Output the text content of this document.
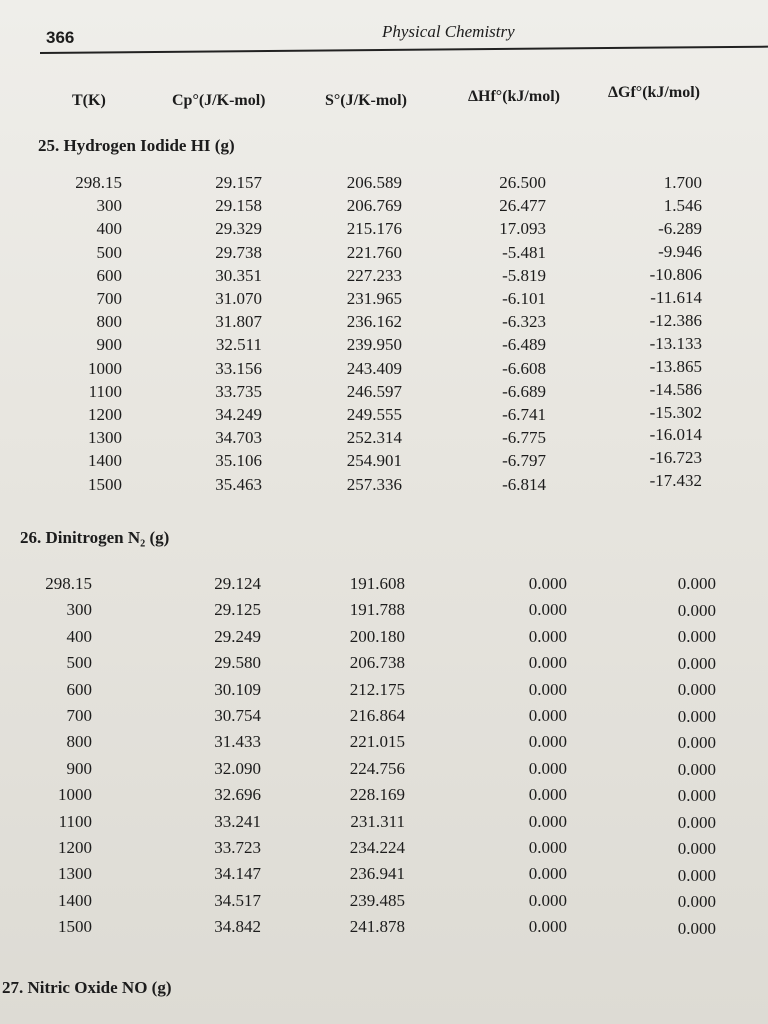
366	Physical Chemistry
T(K)	Cp°(J/K-mol)	S°(J/K-mol)	ΔHf°(kJ/mol)	ΔGf°(kJ/mol)
25. Hydrogen Iodide HI (g)
298.15	29.157	206.589	26.500	1.700
300	29.158	206.769	26.477	1.546
400	29.329	215.176	17.093	-6.289
500	29.738	221.760	-5.481	-9.946
600	30.351	227.233	-5.819	-10.806
700	31.070	231.965	-6.101	-11.614
800	31.807	236.162	-6.323	-12.386
900	32.511	239.950	-6.489	-13.133
1000	33.156	243.409	-6.608	-13.865
1100	33.735	246.597	-6.689	-14.586
1200	34.249	249.555	-6.741	-15.302
1300	34.703	252.314	-6.775	-16.014
1400	35.106	254.901	-6.797	-16.723
1500	35.463	257.336	-6.814	-17.432
26. Dinitrogen N₂ (g)
298.15	29.124	191.608	0.000	0.000
300	29.125	191.788	0.000	0.000
400	29.249	200.180	0.000	0.000
500	29.580	206.738	0.000	0.000
600	30.109	212.175	0.000	0.000
700	30.754	216.864	0.000	0.000
800	31.433	221.015	0.000	0.000
900	32.090	224.756	0.000	0.000
1000	32.696	228.169	0.000	0.000
1100	33.241	231.311	0.000	0.000
1200	33.723	234.224	0.000	0.000
1300	34.147	236.941	0.000	0.000
1400	34.517	239.485	0.000	0.000
1500	34.842	241.878	0.000	0.000
27. Nitric Oxide NO (g)
